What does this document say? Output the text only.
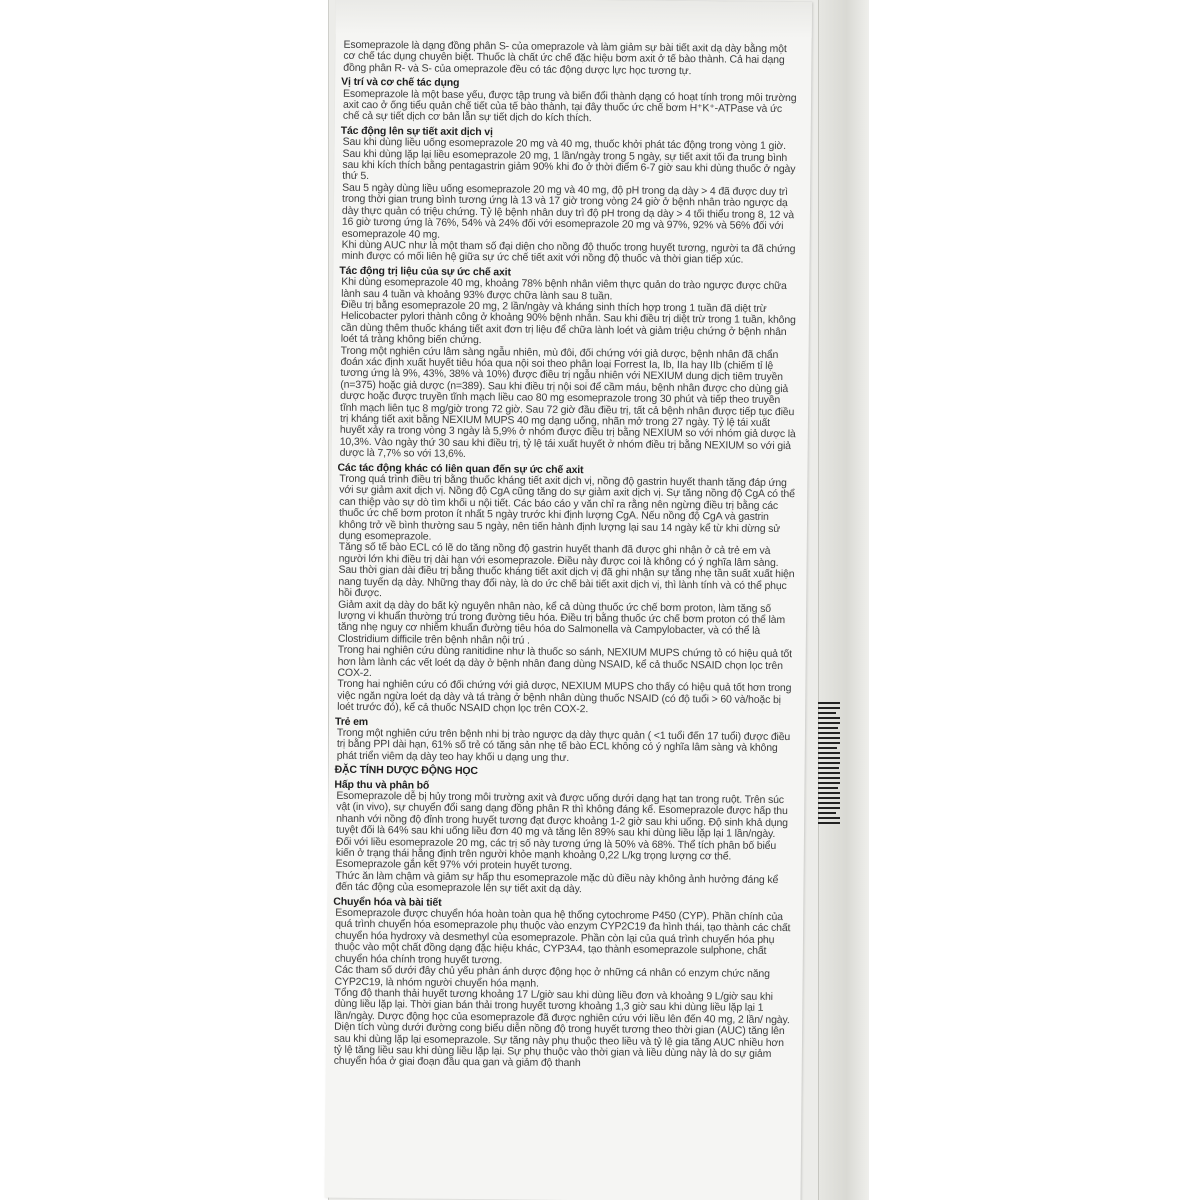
Esomeprazole là dạng đồng phân S- của omeprazole và làm giảm sự bài tiết axit dạ dày bằng một cơ chế tác dụng chuyên biệt. Thuốc là chất ức chế đặc hiệu bơm axit ở tế bào thành. Cả hai dạng đồng phân R- và S- của omeprazole đều có tác động dược lực học tương tự.

Vị trí và cơ chế tác dụng

Esomeprazole là một base yếu, được tập trung và biến đổi thành dạng có hoạt tính trong môi trường axit cao ở ống tiểu quản chế tiết của tế bào thành, tại đây thuốc ức chế bơm H⁺K⁺-ATPase và ức chế cả sự tiết dịch cơ bản lẫn sự tiết dịch do kích thích.

Tác động lên sự tiết axit dịch vị

Sau khi dùng liều uống esomeprazole 20 mg và 40 mg, thuốc khởi phát tác động trong vòng 1 giờ. Sau khi dùng lặp lại liều esomeprazole 20 mg, 1 lần/ngày trong 5 ngày, sự tiết axit tối đa trung bình sau khi kích thích bằng pentagastrin giảm 90% khi đo ở thời điểm 6-7 giờ sau khi dùng thuốc ở ngày thứ 5.

Sau 5 ngày dùng liều uống esomeprazole 20 mg và 40 mg, độ pH trong dạ dày > 4 đã được duy trì trong thời gian trung bình tương ứng là 13 và 17 giờ trong vòng 24 giờ ở bệnh nhân trào ngược dạ dày thực quản có triệu chứng. Tỷ lệ bệnh nhân duy trì độ pH trong dạ dày > 4 tối thiểu trong 8, 12 và 16 giờ tương ứng là 76%, 54% và 24% đối với esomeprazole 20 mg và 97%, 92% và 56% đối với esomeprazole 40 mg.

Khi dùng AUC như là một tham số đại diện cho nồng độ thuốc trong huyết tương, người ta đã chứng minh được có mối liên hệ giữa sự ức chế tiết axit với nồng độ thuốc và thời gian tiếp xúc.

Tác động trị liệu của sự ức chế axit

Khi dùng esomeprazole 40 mg, khoảng 78% bệnh nhân viêm thực quản do trào ngược được chữa lành sau 4 tuần và khoảng 93% được chữa lành sau 8 tuần.

Điều trị bằng esomeprazole 20 mg, 2 lần/ngày và kháng sinh thích hợp trong 1 tuần đã diệt trừ Helicobacter pylori thành công ở khoảng 90% bệnh nhân. Sau khi điều trị diệt trừ trong 1 tuần, không cần dùng thêm thuốc kháng tiết axit đơn trị liệu để chữa lành loét và giảm triệu chứng ở bệnh nhân loét tá tràng không biến chứng.

Trong một nghiên cứu lâm sàng ngẫu nhiên, mù đôi, đối chứng với giả dược, bệnh nhân đã chẩn đoán xác định xuất huyết tiêu hóa qua nội soi theo phân loại Forrest Ia, Ib, IIa hay IIb (chiếm tỉ lệ tương ứng là 9%, 43%, 38% và 10%) được điều trị ngẫu nhiên với NEXIUM dung dịch tiêm truyền (n=375) hoặc giả dược (n=389). Sau khi điều trị nội soi để cầm máu, bệnh nhân được cho dùng giả dược hoặc được truyền tĩnh mạch liều cao 80 mg esomeprazole trong 30 phút và tiếp theo truyền tĩnh mạch liên tục 8 mg/giờ trong 72 giờ. Sau 72 giờ đầu điều trị, tất cả bệnh nhân được tiếp tục điều trị kháng tiết axit bằng NEXIUM MUPS 40 mg dạng uống, nhãn mở trong 27 ngày. Tỷ lệ tái xuất huyết xảy ra trong vòng 3 ngày là 5,9% ở nhóm được điều trị bằng NEXIUM so với nhóm giả dược là 10,3%. Vào ngày thứ 30 sau khi điều trị, tỷ lệ tái xuất huyết ở nhóm điều trị bằng NEXIUM so với giả dược là 7,7% so với 13,6%.

Các tác động khác có liên quan đến sự ức chế axit

Trong quá trình điều trị bằng thuốc kháng tiết axit dịch vị, nồng độ gastrin huyết thanh tăng đáp ứng với sự giảm axit dịch vị. Nồng độ CgA cũng tăng do sự giảm axit dịch vị. Sự tăng nồng độ CgA có thể can thiệp vào sự dò tìm khối u nội tiết. Các báo cáo y văn chỉ ra rằng nên ngừng điều trị bằng các thuốc ức chế bơm proton ít nhất 5 ngày trước khi định lượng CgA. Nếu nồng độ CgA và gastrin không trở về bình thường sau 5 ngày, nên tiến hành định lượng lại sau 14 ngày kể từ khi dừng sử dụng esomeprazole.

Tăng số tế bào ECL có lẽ do tăng nồng độ gastrin huyết thanh đã được ghi nhận ở cả trẻ em và người lớn khi điều trị dài hạn với esomeprazole. Điều này được coi là không có ý nghĩa lâm sàng. Sau thời gian dài điều trị bằng thuốc kháng tiết axit dịch vị đã ghi nhận sự tăng nhẹ tần suất xuất hiện nang tuyến dạ dày. Những thay đổi này, là do ức chế bài tiết axit dịch vị, thì lành tính và có thể phục hồi được.

Giảm axit dạ dày do bất kỳ nguyên nhân nào, kể cả dùng thuốc ức chế bơm proton, làm tăng số lượng vi khuẩn thường trú trong đường tiêu hóa. Điều trị bằng thuốc ức chế bơm proton có thể làm tăng nhẹ nguy cơ nhiễm khuẩn đường tiêu hóa do Salmonella và Campylobacter, và có thể là Clostridium difficile trên bệnh nhân nội trú .

Trong hai nghiên cứu dùng ranitidine như là thuốc so sánh, NEXIUM MUPS chứng tỏ có hiệu quả tốt hơn làm lành các vết loét dạ dày ở bệnh nhân đang dùng NSAID, kể cả thuốc NSAID chọn lọc trên COX-2.

Trong hai nghiên cứu có đối chứng với giả dược, NEXIUM MUPS cho thấy có hiệu quả tốt hơn trong việc ngăn ngừa loét dạ dày và tá tràng ở bệnh nhân dùng thuốc NSAID (có độ tuổi > 60 và/hoặc bị loét trước đó), kể cả thuốc NSAID chọn lọc trên COX-2.

Trẻ em

Trong một nghiên cứu trên bệnh nhi bị trào ngược dạ dày thực quản ( <1 tuổi đến 17 tuổi) được điều trị bằng PPI dài hạn, 61% số trẻ có tăng sản nhẹ tế bào ECL không có ý nghĩa lâm sàng và không phát triển viêm dạ dày teo hay khối u dạng ung thư.

ĐẶC TÍNH DƯỢC ĐỘNG HỌC
Hấp thu và phân bố

Esomeprazole dễ bị hủy trong môi trường axit và được uống dưới dạng hạt tan trong ruột. Trên súc vật (in vivo), sự chuyển đổi sang dạng đồng phân R thì không đáng kể. Esomeprazole được hấp thu nhanh với nồng độ đỉnh trong huyết tương đạt được khoảng 1-2 giờ sau khi uống. Độ sinh khả dụng tuyệt đối là 64% sau khi uống liều đơn 40 mg và tăng lên 89% sau khi dùng liều lặp lại 1 lần/ngày. Đối với liều esomeprazole 20 mg, các trị số này tương ứng là 50% và 68%. Thể tích phân bố biểu kiến ở trạng thái hằng định trên người khỏe mạnh khoảng 0,22 L/kg trọng lượng cơ thể. Esomeprazole gắn kết 97% với protein huyết tương.

Thức ăn làm chậm và giảm sự hấp thu esomeprazole mặc dù điều này không ảnh hưởng đáng kể đến tác động của esomeprazole lên sự tiết axit dạ dày.

Chuyển hóa và bài tiết

Esomeprazole được chuyển hóa hoàn toàn qua hệ thống cytochrome P450 (CYP). Phần chính của quá trình chuyển hóa esomeprazole phụ thuộc vào enzym CYP2C19 đa hình thái, tạo thành các chất chuyển hóa hydroxy và desmethyl của esomeprazole. Phần còn lại của quá trình chuyển hóa phụ thuộc vào một chất đồng dạng đặc hiệu khác, CYP3A4, tạo thành esomeprazole sulphone, chất chuyển hóa chính trong huyết tương.

Các tham số dưới đây chủ yếu phản ánh dược động học ở những cá nhân có enzym chức năng CYP2C19, là nhóm người chuyển hóa mạnh.

Tổng độ thanh thải huyết tương khoảng 17 L/giờ sau khi dùng liều đơn và khoảng 9 L/giờ sau khi dùng liều lặp lại. Thời gian bán thải trong huyết tương khoảng 1,3 giờ sau khi dùng liều lặp lại 1 lần/ngày. Dược động học của esomeprazole đã được nghiên cứu với liều lên đến 40 mg, 2 lần/ ngày. Diện tích vùng dưới đường cong biểu diễn nồng độ trong huyết tương theo thời gian (AUC) tăng lên sau khi dùng lặp lại esomeprazole. Sự tăng này phụ thuộc theo liều và tỷ lệ gia tăng AUC nhiều hơn tỷ lệ tăng liều sau khi dùng liều lặp lại. Sự phụ thuộc vào thời gian và liều dùng này là do sự giảm chuyển hóa ở giai đoạn đầu qua gan và giảm độ thanh
